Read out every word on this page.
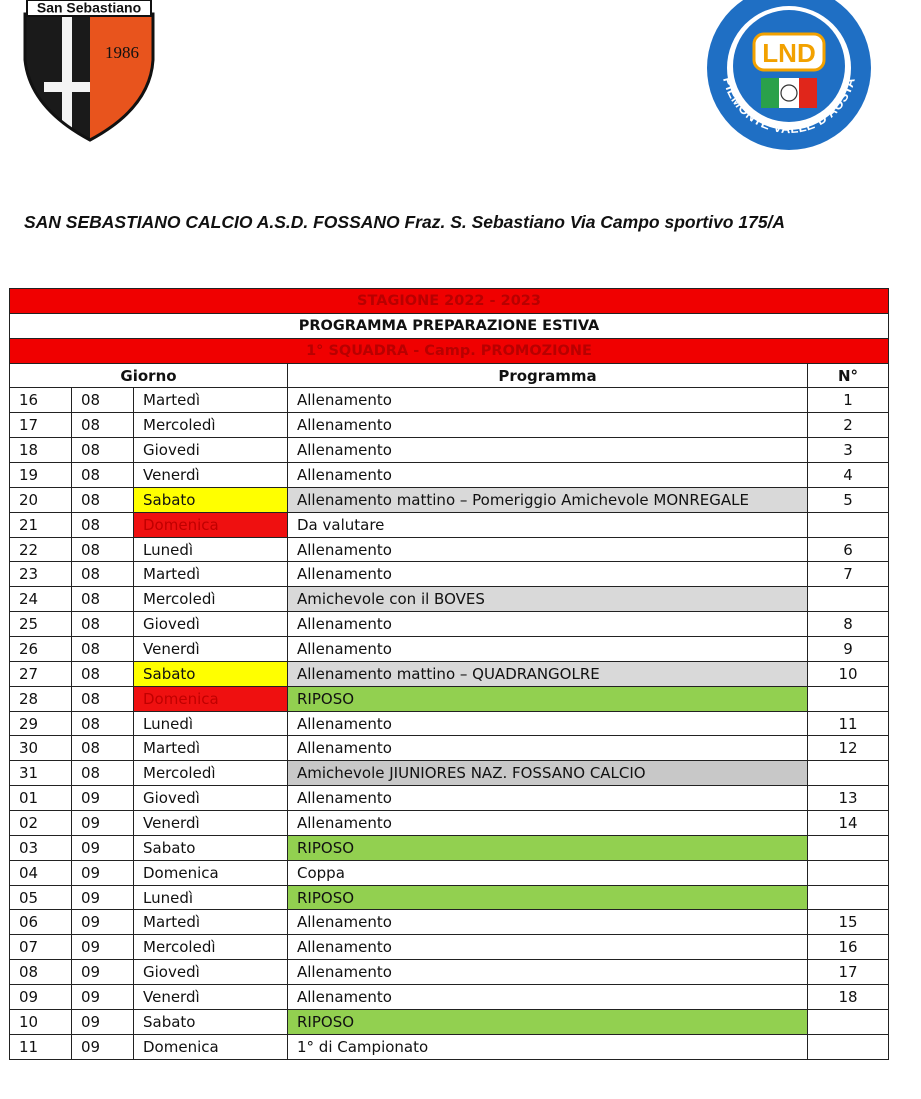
San Sebastiano
1986	LND
PIEMONTE VALLE D'AOSTA
SAN SEBASTIANO CALCIO A.S.D. FOSSANO Fraz. S. Sebastiano Via Campo sportivo 175/A
STAGIONE 2022 - 2023				
PROGRAMMA PREPARAZIONE ESTIVA				
1° SQUADRA - Camp. PROMOZIONE				
Giorno			Programma	N°
16	08	Martedì	Allenamento	1
17	08	Mercoledì	Allenamento	2
18	08	Giovedi	Allenamento	3
19	08	Venerdì	Allenamento	4
20	08	Sabato	Allenamento mattino – Pomeriggio Amichevole MONREGALE	5
21	08	Domenica	Da valutare	
22	08	Lunedì	Allenamento	6
23	08	Martedì	Allenamento	7
24	08	Mercoledì	Amichevole con il BOVES	
25	08	Giovedì	Allenamento	8
26	08	Venerdì	Allenamento	9
27	08	Sabato	Allenamento mattino – QUADRANGOLRE	10
28	08	Domenica	RIPOSO	
29	08	Lunedì	Allenamento	11
30	08	Martedì	Allenamento	12
31	08	Mercoledì	Amichevole JIUNIORES NAZ. FOSSANO CALCIO	
01	09	Giovedì	Allenamento	13
02	09	Venerdì	Allenamento	14
03	09	Sabato	RIPOSO	
04	09	Domenica	Coppa	
05	09	Lunedì	RIPOSO	
06	09	Martedì	Allenamento	15
07	09	Mercoledì	Allenamento	16
08	09	Giovedì	Allenamento	17
09	09	Venerdì	Allenamento	18
10	09	Sabato	RIPOSO	
11	09	Domenica	1° di Campionato	
